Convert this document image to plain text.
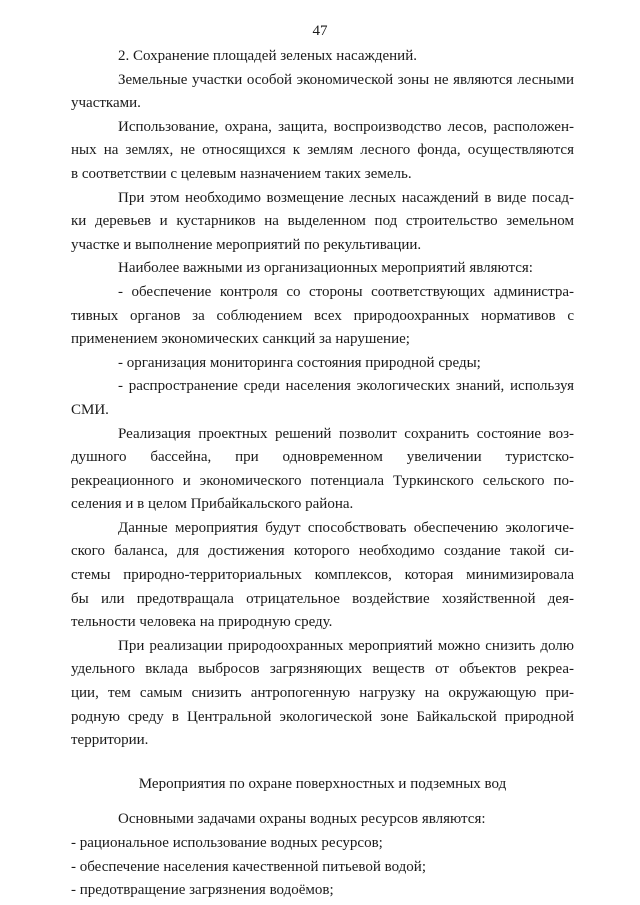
47
2. Сохранение площадей зеленых насаждений.
Земельные участки особой экономической зоны не являются лесными
участками.
Использование, охрана, защита, воспроизводство лесов, расположен-
ных на землях, не относящихся к землям лесного фонда, осуществляются
в соответствии с целевым назначением таких земель.
При этом необходимо возмещение лесных насаждений в виде посад-
ки деревьев и кустарников на выделенном под строительство земельном
участке и выполнение мероприятий по рекультивации.
Наиболее важными из организационных мероприятий являются:
- обеспечение контроля со стороны соответствующих администра-
тивных органов за соблюдением всех природоохранных нормативов с
применением экономических санкций за нарушение;
- организация мониторинга состояния природной среды;
- распространение среди населения экологических знаний, используя
СМИ.
Реализация проектных решений позволит сохранить состояние воз-
душного бассейна, при одновременном увеличении туристско-
рекреационного и экономического потенциала Туркинского сельского по-
селения и в целом Прибайкальского района.
Данные мероприятия будут способствовать обеспечению экологиче-
ского баланса, для достижения которого необходимо создание такой си-
стемы природно-территориальных комплексов, которая минимизировала
бы или предотвращала отрицательное воздействие хозяйственной дея-
тельности человека на природную среду.
При реализации природоохранных мероприятий можно снизить долю
удельного вклада выбросов загрязняющих веществ от объектов рекреа-
ции, тем самым снизить антропогенную нагрузку на окружающую при-
родную среду в Центральной экологической зоне Байкальской природной
территории.
Мероприятия по охране поверхностных и подземных вод
Основными задачами охраны водных ресурсов являются:
- рациональное использование водных ресурсов;
- обеспечение населения качественной питьевой водой;
- предотвращение загрязнения водоёмов;
